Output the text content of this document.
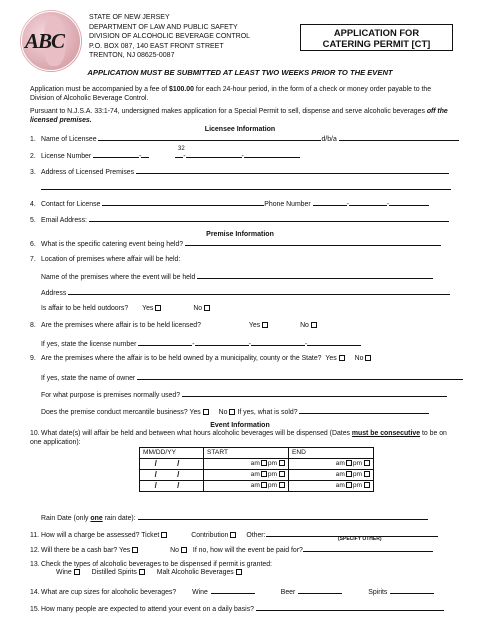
ABC
STATE OF NEW JERSEY
DEPARTMENT OF LAW AND PUBLIC SAFETY
DIVISION OF ALCOHOLIC BEVERAGE CONTROL
P.O. BOX 087, 140 EAST FRONT STREET
TRENTON, NJ 08625-0087
APPLICATION FOR
CATERING PERMIT [CT]
APPLICATION MUST BE SUBMITTED AT LEAST TWO WEEKS PRIOR TO THE EVENT
Application must be accompanied by a fee of $100.00 for each 24-hour period, in the form of a check or money order payable to the Division of Alcoholic Beverage Control.
Pursuant to N.J.S.A. 33:1-74, undersigned makes application for a Special Permit to sell, dispense and serve alcoholic beverages off the licensed premises.
Licensee Information
1. Name of Licensee	d/b/a
32
2. License Number	-	-	-
3. Address of Licensed Premises
4. Contact for License	Phone Number	-	-
5. Email Address:
Premise Information
6. What is the specific catering event being held?
7. Location of premises where affair will be held:
Name of the premises where the event will be held
Address
Is affair to be held outdoors? Yes	No
8. Are the premises where affair is to be held licensed?	Yes	No
If yes, state the license number	-	-	-
9. Are the premises where the affair is to be held owned by a municipality, county or the State? Yes	No
If yes, state the name of owner
For what purpose is premises normally used?
Does the premise conduct mercantile business? Yes	No If yes, what is sold?
Event Information
10.What date(s) will affair be held and between what hours alcoholic beverages will be dispensed (Dates must be consecutive to be on one application):
MM/DD/YY	START	END
/ /	am pm	am pm
/ /	am pm	am pm
/ /	am pm	am pm
Rain Date (only one rain date):
11. How will a charge be assessed? Ticket	Contribution	Other:	(SPECIFY OTHER)
12.Will there be a cash bar? Yes	No If no, how will the event be paid for?
13.Check the types of alcoholic beverages to be dispensed if permit is granted:
Wine	Distilled Spirits	Malt Alcoholic Beverages
14.What are cup sizes for alcoholic beverages? Wine	Beer	Spirits
15.How many people are expected to attend your event on a daily basis?
